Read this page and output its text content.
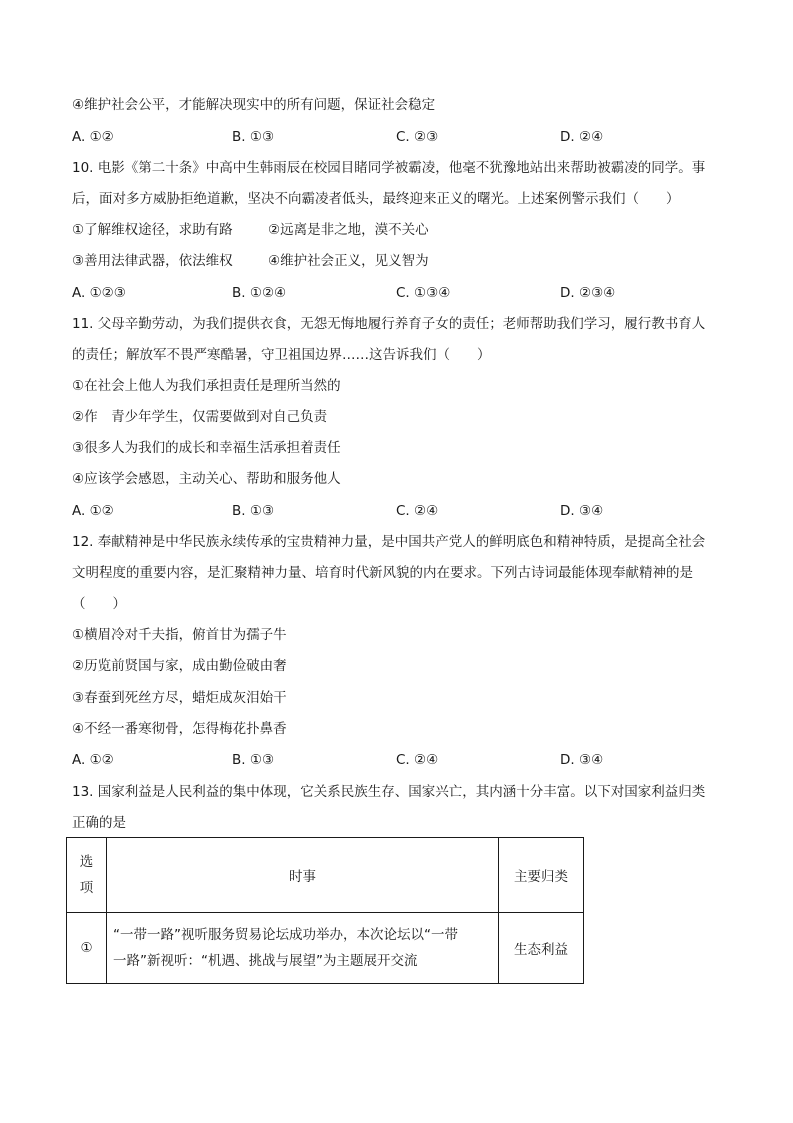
④维护社会公平，才能解决现实中的所有问题，保证社会稳定
A. ①②	B. ①③	C. ②③	D. ②④
10. 电影《第二十条》中高中生韩雨辰在校园目睹同学被霸凌，他毫不犹豫地站出来帮助被霸凌的同学。事
后，面对多方威胁拒绝道歉，坚决不向霸凌者低头，最终迎来正义的曙光。上述案例警示我们（　　）
①了解维权途径，求助有路	②远离是非之地，漠不关心
③善用法律武器，依法维权	④维护社会正义，见义智为
A. ①②③	B. ①②④	C. ①③④	D. ②③④
11. 父母辛勤劳动，为我们提供衣食，无怨无悔地履行养育子女的责任；老师帮助我们学习，履行教书育人
的责任；解放军不畏严寒酷暑，守卫祖国边界……这告诉我们（　　）
①在社会上他人为我们承担责任是理所当然的
②作　青少年学生，仅需要做到对自己负责
③很多人为我们的成长和幸福生活承担着责任
④应该学会感恩，主动关心、帮助和服务他人
A. ①②	B. ①③	C. ②④	D. ③④
12. 奉献精神是中华民族永续传承的宝贵精神力量，是中国共产党人的鲜明底色和精神特质，是提高全社会
文明程度的重要内容，是汇聚精神力量、培育时代新风貌的内在要求。下列古诗词最能体现奉献精神的是
（　　）
①横眉冷对千夫指，俯首甘为孺子牛
②历览前贤国与家，成由勤俭破由奢
③春蚕到死丝方尽，蜡炬成灰泪始干
④不经一番寒彻骨，怎得梅花扑鼻香
A. ①②	B. ①③	C. ②④	D. ③④
13. 国家利益是人民利益的集中体现，它关系民族生存、国家兴亡，其内涵十分丰富。以下对国家利益归类
正确的是
选
项	时事	主要归类
①	“一带一路”视听服务贸易论坛成功举办，本次论坛以“一带
一路”新视听：“机遇、挑战与展望”为主题展开交流	生态利益
